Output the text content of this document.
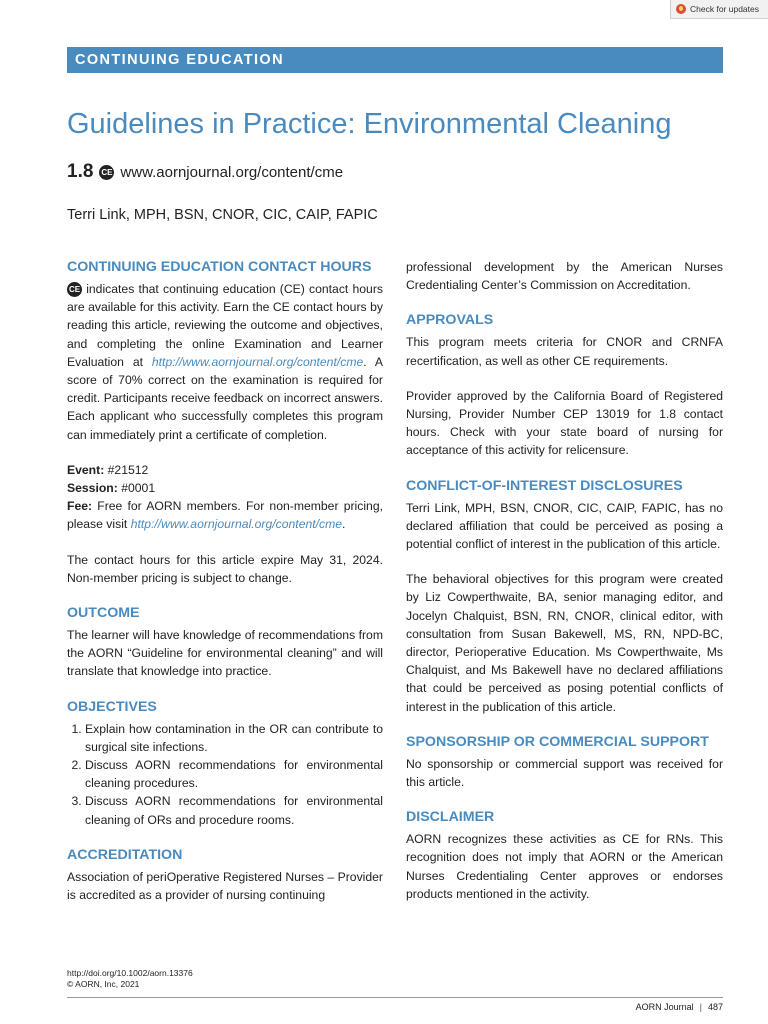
Check for updates
CONTINUING EDUCATION
Guidelines in Practice: Environmental Cleaning
1.8 CE www.aornjournal.org/content/cme
Terri Link, MPH, BSN, CNOR, CIC, CAIP, FAPIC
CONTINUING EDUCATION CONTACT HOURS

CE indicates that continuing education (CE) contact hours are available for this activity. Earn the CE contact hours by reading this article, reviewing the outcome and objectives, and completing the online Examination and Learner Evaluation at http://www.aornjournal.org/content/cme. A score of 70% correct on the examination is required for credit. Participants receive feedback on incorrect answers. Each applicant who successfully completes this program can immediately print a certificate of completion.

Event: #21512

Session: #0001

Fee: Free for AORN members. For non-member pricing, please visit http://www.aornjournal.org/content/cme.

The contact hours for this article expire May 31, 2024. Non-member pricing is subject to change.

OUTCOME

The learner will have knowledge of recommendations from the AORN “Guideline for environmental cleaning” and will translate that knowledge into practice.

OBJECTIVES
1. Explain how contamination in the OR can contribute to surgical site infections.
2. Discuss AORN recommendations for environmental cleaning procedures.
3. Discuss AORN recommendations for environmental cleaning of ORs and procedure rooms.
ACCREDITATION

Association of periOperative Registered Nurses – Provider is accredited as a provider of nursing continuing

professional development by the American Nurses Credentialing Center’s Commission on Accreditation.

APPROVALS

This program meets criteria for CNOR and CRNFA recertification, as well as other CE requirements.

Provider approved by the California Board of Registered Nursing, Provider Number CEP 13019 for 1.8 contact hours. Check with your state board of nursing for acceptance of this activity for relicensure.

CONFLICT-OF-INTEREST DISCLOSURES

Terri Link, MPH, BSN, CNOR, CIC, CAIP, FAPIC, has no declared affiliation that could be perceived as posing a potential conflict of interest in the publication of this article.

The behavioral objectives for this program were created by Liz Cowperthwaite, BA, senior managing editor, and Jocelyn Chalquist, BSN, RN, CNOR, clinical editor, with consultation from Susan Bakewell, MS, RN, NPD-BC, director, Perioperative Education. Ms Cowperthwaite, Ms Chalquist, and Ms Bakewell have no declared affiliations that could be perceived as posing potential conflicts of interest in the publication of this article.

SPONSORSHIP OR COMMERCIAL SUPPORT

No sponsorship or commercial support was received for this article.

DISCLAIMER

AORN recognizes these activities as CE for RNs. This recognition does not imply that AORN or the American Nurses Credentialing Center approves or endorses products mentioned in the activity.

http://doi.org/10.1002/aorn.13376
© AORN, Inc, 2021
AORN Journal | 487
